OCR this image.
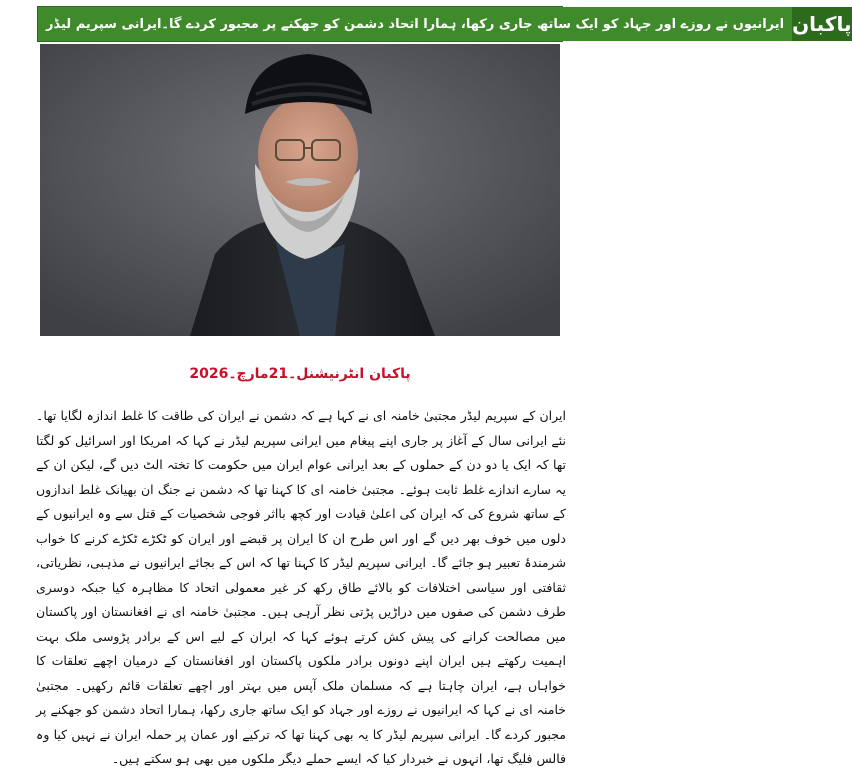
ایرانیوں نے روزے اور جہاد کو ایک ساتھ جاری رکھا، ہمارا اتحاد دشمن کو جھکنے پر مجبور کردے گا۔ایرانی سپریم لیڈر پاکبان
پاکبان انٹرنیشنل۔21مارچ۔2026

ایران کے سپریم لیڈر مجتبیٰ خامنہ ای نے کہا ہے کہ دشمن نے ایران کی طاقت کا غلط اندازہ لگایا تھا۔ نئے ایرانی سال کے آغاز پر جاری اپنے پیغام میں ایرانی سپریم لیڈر نے کہا کہ امریکا اور اسرائیل کو لگتا تھا کہ ایک یا دو دن کے حملوں کے بعد ایرانی عوام ایران میں حکومت کا تختہ الٹ دیں گے، لیکن ان کے یہ سارے اندازے غلط ثابت ہوئے۔ مجتبیٰ خامنہ ای کا کہنا تھا کہ دشمن نے جنگ ان بھیانک غلط اندازوں کے ساتھ شروع کی کہ ایران کی اعلیٰ قیادت اور کچھ بااثر فوجی شخصیات کے قتل سے وہ ایرانیوں کے دلوں میں خوف بھر دیں گے اور اس طرح ان کا ایران پر قبضے اور ایران کو ٹکڑے ٹکڑے کرنے کا خواب شرمندۂ تعبیر ہو جائے گا۔ ایرانی سپریم لیڈر کا کہنا تھا کہ اس کے بجائے ایرانیوں نے مذہبی، نظریاتی، ثقافتی اور سیاسی اختلافات کو بالائے طاق رکھ کر غیر معمولی اتحاد کا مظاہرہ کیا جبکہ دوسری طرف دشمن کی صفوں میں دراڑیں پڑتی نظر آرہی ہیں۔ مجتبیٰ خامنہ ای نے افغانستان اور پاکستان میں مصالحت کرانے کی پیش کش کرتے ہوئے کہا کہ ایران کے لیے اس کے برادر پڑوسی ملک بہت اہمیت رکھتے ہیں ایران اپنے دونوں برادر ملکوں پاکستان اور افغانستان کے درمیان اچھے تعلقات کا خواہاں ہے، ایران چاہتا ہے کہ مسلمان ملک آپس میں بہتر اور اچھے تعلقات قائم رکھیں۔ مجتبیٰ خامنہ ای نے کہا کہ ایرانیوں نے روزے اور جہاد کو ایک ساتھ جاری رکھا، ہمارا اتحاد دشمن کو جھکنے پر مجبور کردے گا۔ ایرانی سپریم لیڈر کا یہ بھی کہنا تھا کہ ترکیے اور عمان پر حملہ ایران نے نہیں کیا وہ فالس فلیگ تھا، انہوں نے خبردار کیا کہ ایسے حملے دیگر ملکوں میں بھی ہو سکتے ہیں۔
